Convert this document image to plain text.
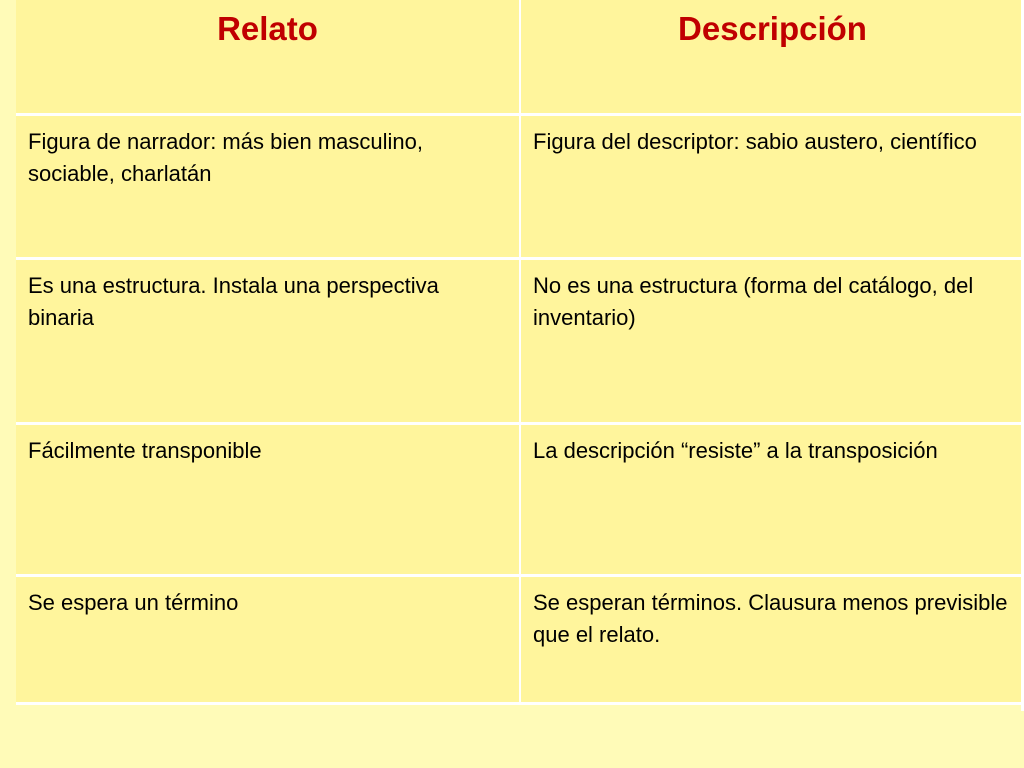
Relato	Descripción
Figura de narrador: más bien masculino, sociable, charlatán	Figura del descriptor: sabio austero, científico
Es una estructura. Instala una perspectiva binaria	No es una estructura (forma del catálogo, del inventario)
Fácilmente transponible	La descripción “resiste” a la transposición
Se espera un término	Se esperan términos. Clausura menos previsible que el relato.
